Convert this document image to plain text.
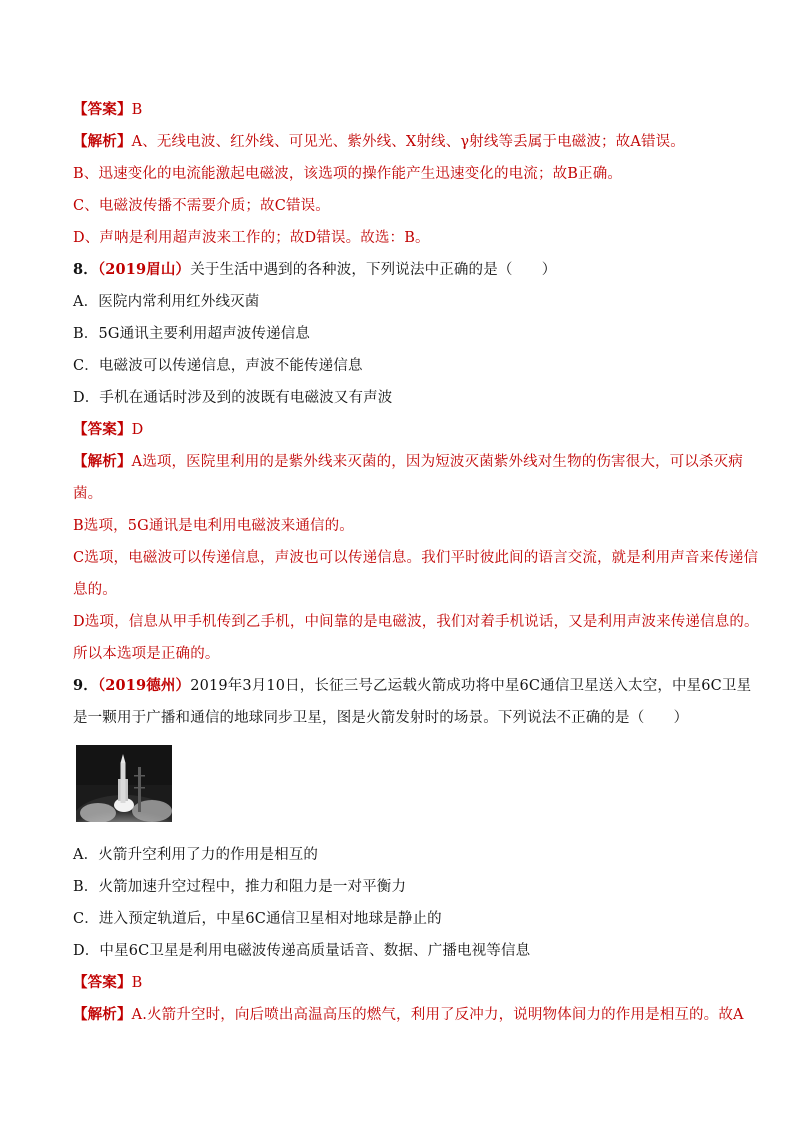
【答案】B
【解析】A、无线电波、红外线、可见光、紫外线、X射线、γ射线等丢属于电磁波；故A错误。
B、迅速变化的电流能激起电磁波，该选项的操作能产生迅速变化的电流；故B正确。
C、电磁波传播不需要介质；故C错误。
D、声呐是利用超声波来工作的；故D错误。故选：B。
8．（2019眉山）关于生活中遇到的各种波，下列说法中正确的是（　　）
A．医院内常利用红外线灭菌
B．5G通讯主要利用超声波传递信息
C．电磁波可以传递信息，声波不能传递信息
D．手机在通话时涉及到的波既有电磁波又有声波
【答案】D
【解析】A选项，医院里利用的是紫外线来灭菌的，因为短波灭菌紫外线对生物的伤害很大，可以杀灭病
菌。
B选项，5G通讯是电利用电磁波来通信的。
C选项，电磁波可以传递信息，声波也可以传递信息。我们平时彼此间的语言交流，就是利用声音来传递信
息的。
D选项，信息从甲手机传到乙手机，中间靠的是电磁波，我们对着手机说话，又是利用声波来传递信息的。
所以本选项是正确的。
9．（2019德州）2019年3月10日，长征三号乙运载火箭成功将中星6C通信卫星送入太空，中星6C卫星
是一颗用于广播和通信的地球同步卫星，图是火箭发射时的场景。下列说法不正确的是（　　）
A．火箭升空利用了力的作用是相互的
B．火箭加速升空过程中，推力和阻力是一对平衡力
C．进入预定轨道后，中星6C通信卫星相对地球是静止的
D．中星6C卫星是利用电磁波传递高质量话音、数据、广播电视等信息
【答案】B
【解析】A.火箭升空时，向后喷出高温高压的燃气，利用了反冲力，说明物体间力的作用是相互的。故A
